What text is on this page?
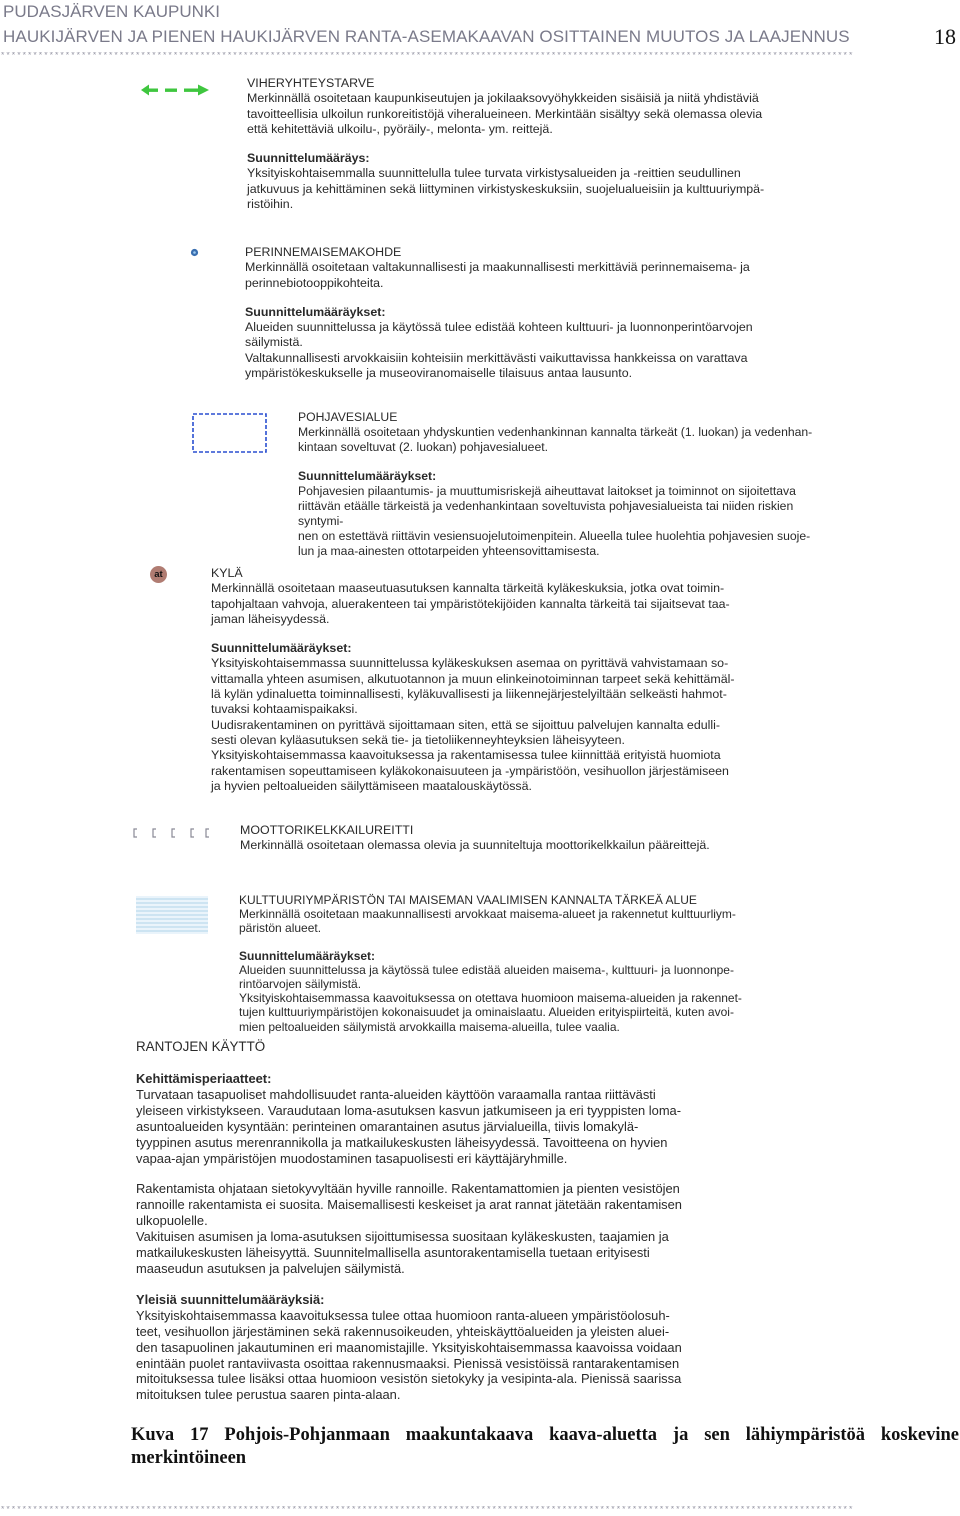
PUDASJÄRVEN KAUPUNKI
HAUKIJÄRVEN JA PIENEN HAUKIJÄRVEN RANTA-ASEMAKAAVAN OSITTAINEN MUUTOS JA LAAJENNUS	18
**************************************************************************************************************************************************************

VIHERYHTEYSTARVE

Merkinnällä osoitetaan kaupunkiseutujen ja jokilaaksovyöhykkeiden sisäisiä ja niitä yhdistäviä

tavoitteellisia ulkoilun runkoreitistöjä viheralueineen. Merkintään sisältyy sekä olemassa olevia

että kehitettäviä ulkoilu-, pyöräily-, melonta- ym. reittejä.

Suunnittelumääräys:

Yksityiskohtaisemmalla suunnittelulla tulee turvata virkistysalueiden ja -reittien seudullinen

jatkuvuus ja kehittäminen sekä liittyminen virkistyskeskuksiin, suojelualueisiin ja kulttuuriympä-

ristöihin.

PERINNEMAISEMAKOHDE

Merkinnällä osoitetaan valtakunnallisesti ja maakunnallisesti merkittäviä perinnemaisema- ja

perinnebiotooppikohteita.

Suunnittelumääräykset:

Alueiden suunnittelussa ja käytössä tulee edistää kohteen kulttuuri- ja luonnonperintöarvojen

säilymistä.

Valtakunnallisesti arvokkaisiin kohteisiin merkittävästi vaikuttavissa hankkeissa on varattava

ympäristökeskukselle ja museoviranomaiselle tilaisuus antaa lausunto.

POHJAVESIALUE

Merkinnällä osoitetaan yhdyskuntien vedenhankinnan kannalta tärkeät (1. luokan) ja vedenhan-

kintaan soveltuvat (2. luokan) pohjavesialueet.

Suunnittelumääräykset:

Pohjavesien pilaantumis- ja muuttumisriskejä aiheuttavat laitokset ja toiminnot on sijoitettava

riittävän etäälle tärkeistä ja vedenhankintaan soveltuvista pohjavesialueista tai niiden riskien syntymi-

nen on estettävä riittävin vesiensuojelutoimenpitein. Alueella tulee huolehtia pohjavesien suoje-

lun ja maa-ainesten ottotarpeiden yhteensovittamisesta.

at	KYLÄ

Merkinnällä osoitetaan maaseutuasutuksen kannalta tärkeitä kyläkeskuksia, jotka ovat toimin-

tapohjaltaan vahvoja, aluerakenteen tai ympäristötekijöiden kannalta tärkeitä tai sijaitsevat taa-

jaman läheisyydessä.

Suunnittelumääräykset:

Yksityiskohtaisemmassa suunnittelussa kyläkeskuksen asemaa on pyrittävä vahvistamaan so-

vittamalla yhteen asumisen, alkutuotannon ja muun elinkeinotoiminnan tarpeet sekä kehittämäl-

lä kylän ydinaluetta toiminnallisesti, kyläkuvallisesti ja liikennejärjestelyiltään selkeästi hahmot-

tuvaksi kohtaamispaikaksi.

Uudisrakentaminen on pyrittävä sijoittamaan siten, että se sijoittuu palvelujen kannalta edulli-

sesti olevan kyläasutuksen sekä tie- ja tietoliikenneyhteyksien läheisyyteen.

Yksityiskohtaisemmassa kaavoituksessa ja rakentamisessa tulee kiinnittää erityistä huomiota

rakentamisen sopeuttamiseen kyläkokonaisuuteen ja -ympäristöön, vesihuollon järjestämiseen

ja hyvien peltoalueiden säilyttämiseen maatalouskäytössä.

MOOTTORIKELKKAILUREITTI

Merkinnällä osoitetaan olemassa olevia ja suunniteltuja moottorikelkkailun pääreittejä.

KULTTUURIYMPÄRISTÖN TAI MAISEMAN VAALIMISEN KANNALTA TÄRKEÄ ALUE

Merkinnällä osoitetaan maakunnallisesti arvokkaat maisema-alueet ja rakennetut kulttuurliym-

päristön alueet.

Suunnittelumääräykset:

Alueiden suunnittelussa ja käytössä tulee edistää alueiden maisema-, kulttuuri- ja luonnonpe-

rintöarvojen säilymistä.

Yksityiskohtaisemmassa kaavoituksessa on otettava huomioon maisema-alueiden ja rakennet-

tujen kulttuuriympäristöjen kokonaisuudet ja ominaislaatu. Alueiden erityispiirteitä, kuten avoi-

mien peltoalueiden säilymistä arvokkailla maisema-alueilla, tulee vaalia.

RANTOJEN KÄYTTÖ

Kehittämisperiaatteet:

Turvataan tasapuoliset mahdollisuudet ranta-alueiden käyttöön varaamalla rantaa riittävästi

yleiseen virkistykseen. Varaudutaan loma-asutuksen kasvun jatkumiseen ja eri tyyppisten loma-

asuntoalueiden kysyntään: perinteinen omarantainen asutus järvialueilla, tiivis lomakylä-

tyyppinen asutus merenrannikolla ja matkailukeskusten läheisyydessä. Tavoitteena on hyvien

vapaa-ajan ympäristöjen muodostaminen tasapuolisesti eri käyttäjäryhmille.

Rakentamista ohjataan sietokyvyltään hyville rannoille. Rakentamattomien ja pienten vesistöjen

rannoille rakentamista ei suosita. Maisemallisesti keskeiset ja arat rannat jätetään rakentamisen

ulkopuolelle.

Vakituisen asumisen ja loma-asutuksen sijoittumisessa suositaan kyläkeskusten, taajamien ja

matkailukeskusten läheisyyttä. Suunnitelmallisella asuntorakentamisella tuetaan erityisesti

maaseudun asutuksen ja palvelujen säilymistä.

Yleisiä suunnittelumääräyksiä:

Yksityiskohtaisemmassa kaavoituksessa tulee ottaa huomioon ranta-alueen ympäristöolosuh-

teet, vesihuollon järjestäminen sekä rakennusoikeuden, yhteiskäyttöalueiden ja yleisten aluei-

den tasapuolinen jakautuminen eri maanomistajille. Yksityiskohtaisemmassa kaavoissa voidaan

enintään puolet rantaviivasta osoittaa rakennusmaaksi. Pienissä vesistöissä rantarakentamisen

mitoituksessa tulee lisäksi ottaa huomioon vesistön sietokyky ja vesipinta-ala. Pienissä saarissa

mitoituksen tulee perustua saaren pinta-alaan.

Kuva 17 Pohjois-Pohjanmaan maakuntakaava kaava-aluetta ja sen lähiympäristöä koskevine merkintöineen
**************************************************************************************************************************************************************
